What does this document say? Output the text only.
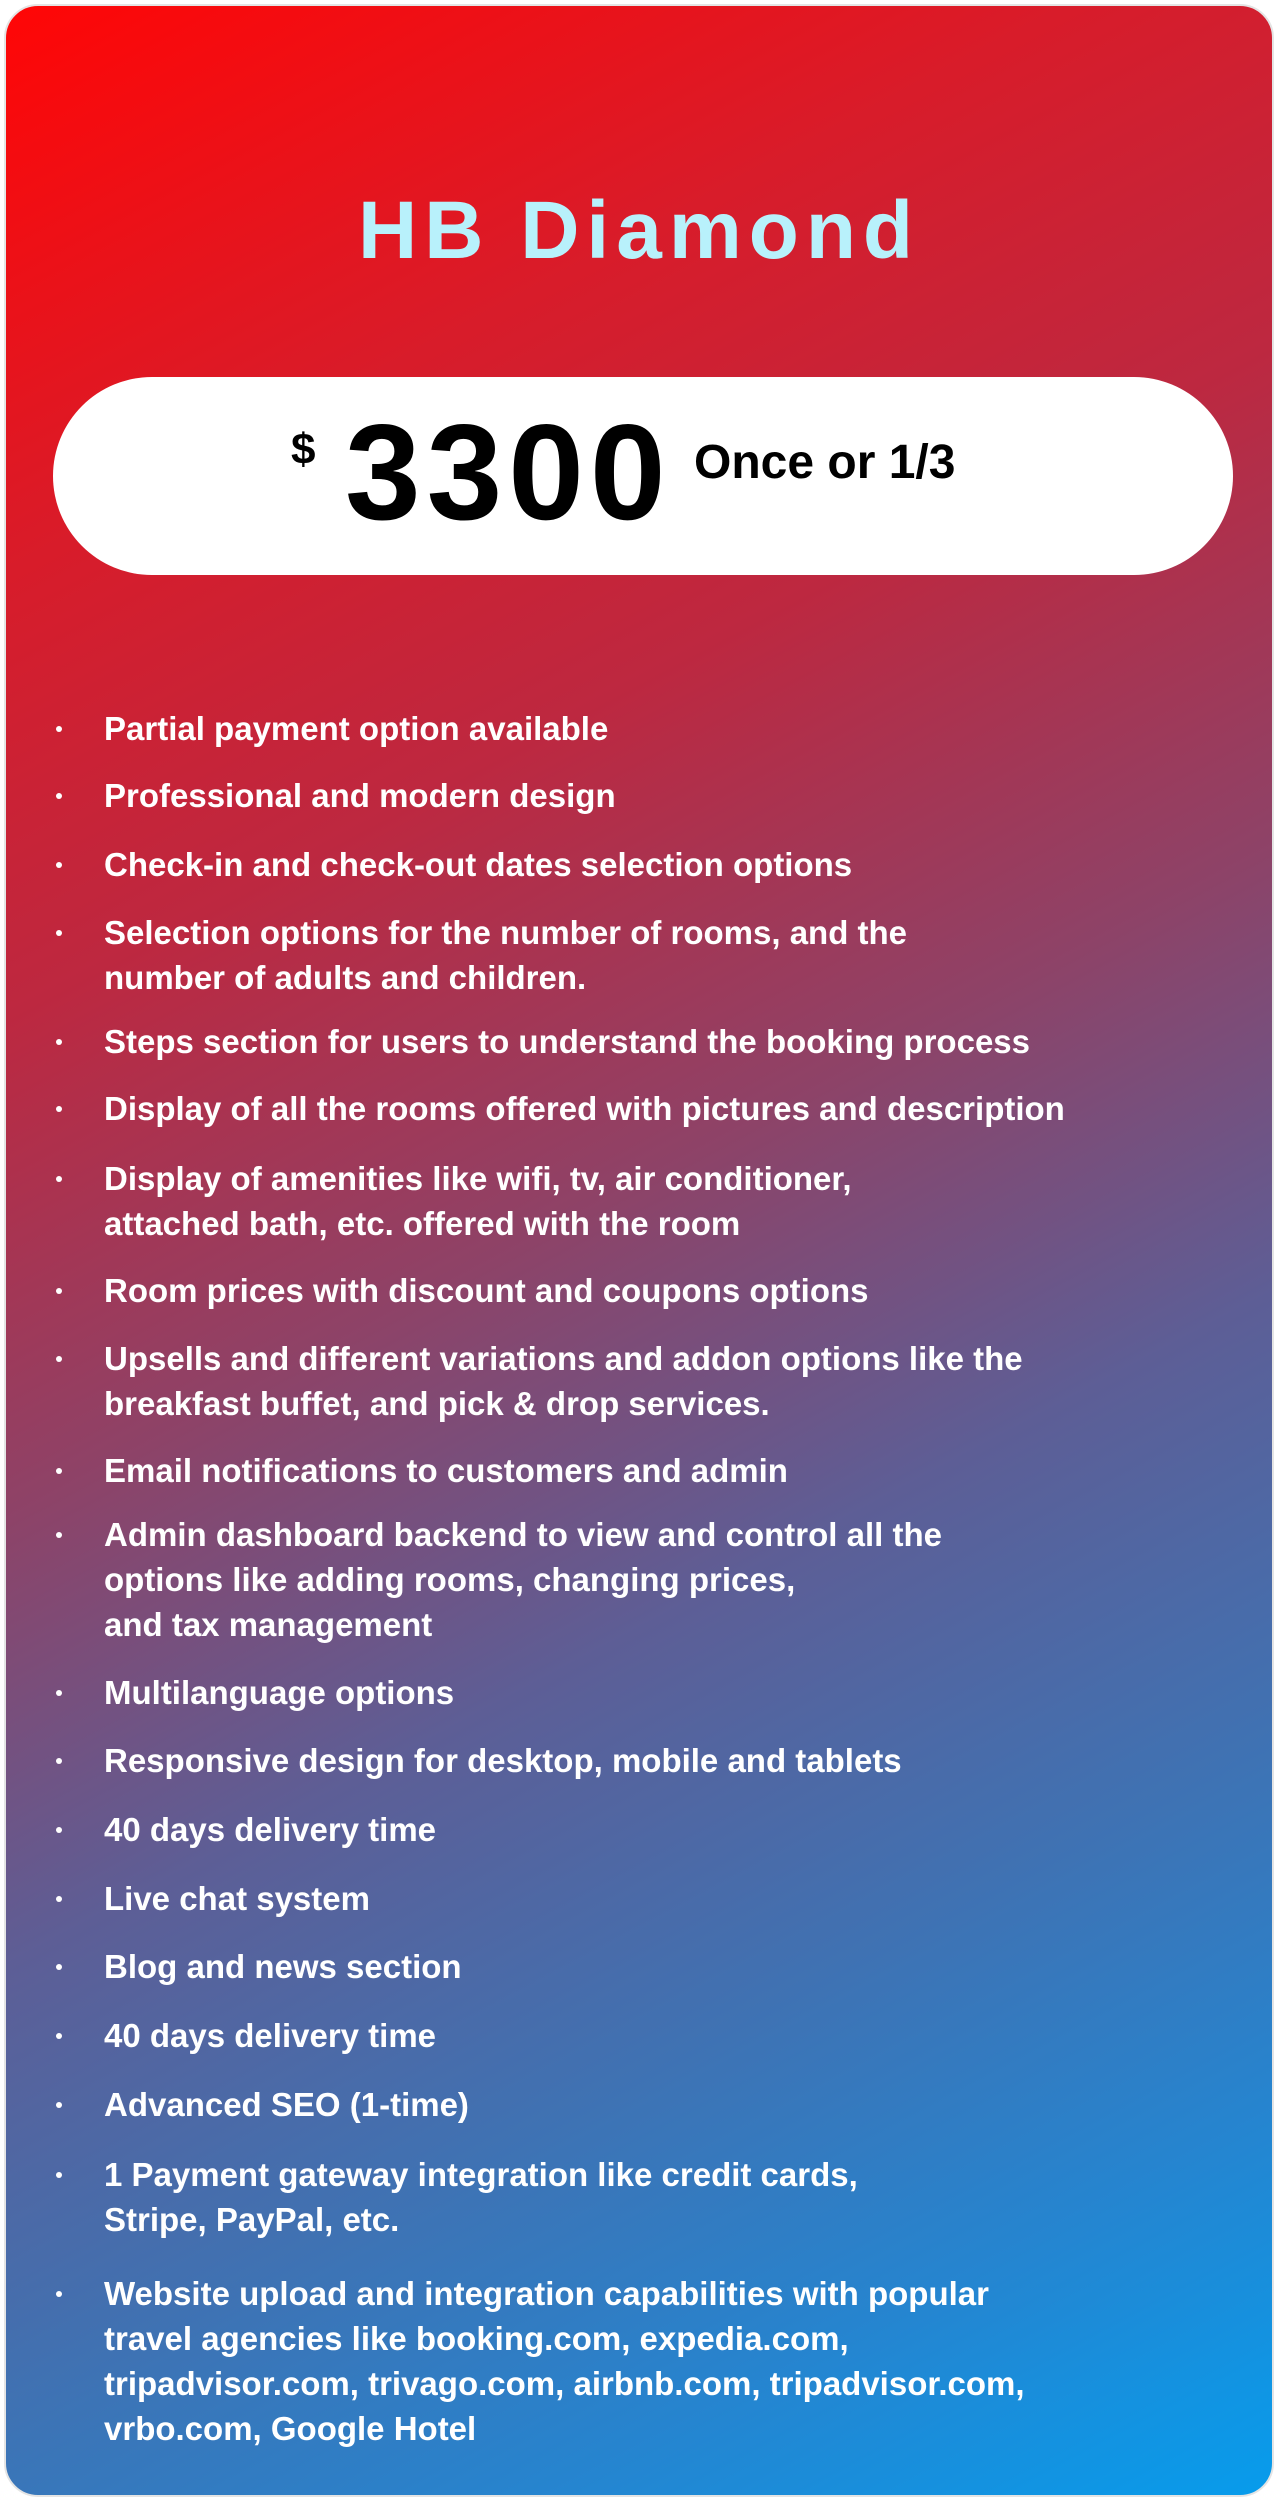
HB Diamond
$ 3300 Once or 1/3
Partial payment option available
Professional and modern design
Check-in and check-out dates selection options
Selection options for the number of rooms, and the
number of adults and children.
Steps section for users to understand the booking process
Display of all the rooms offered with pictures and description
Display of amenities like wifi, tv, air conditioner,
attached bath, etc. offered with the room
Room prices with discount and coupons options
Upsells and different variations and addon options like the
breakfast buffet, and pick & drop services.
Email notifications to customers and admin
Admin dashboard backend to view and control all the
options like adding rooms, changing prices,
and tax management
Multilanguage options
Responsive design for desktop, mobile and tablets
40 days delivery time
Live chat system
Blog and news section
40 days delivery time
Advanced SEO (1-time)
1 Payment gateway integration like credit cards,
Stripe, PayPal, etc.
Website upload and integration capabilities with popular
travel agencies like booking.com, expedia.com,
tripadvisor.com, trivago.com, airbnb.com, tripadvisor.com,
vrbo.com, Google Hotel
